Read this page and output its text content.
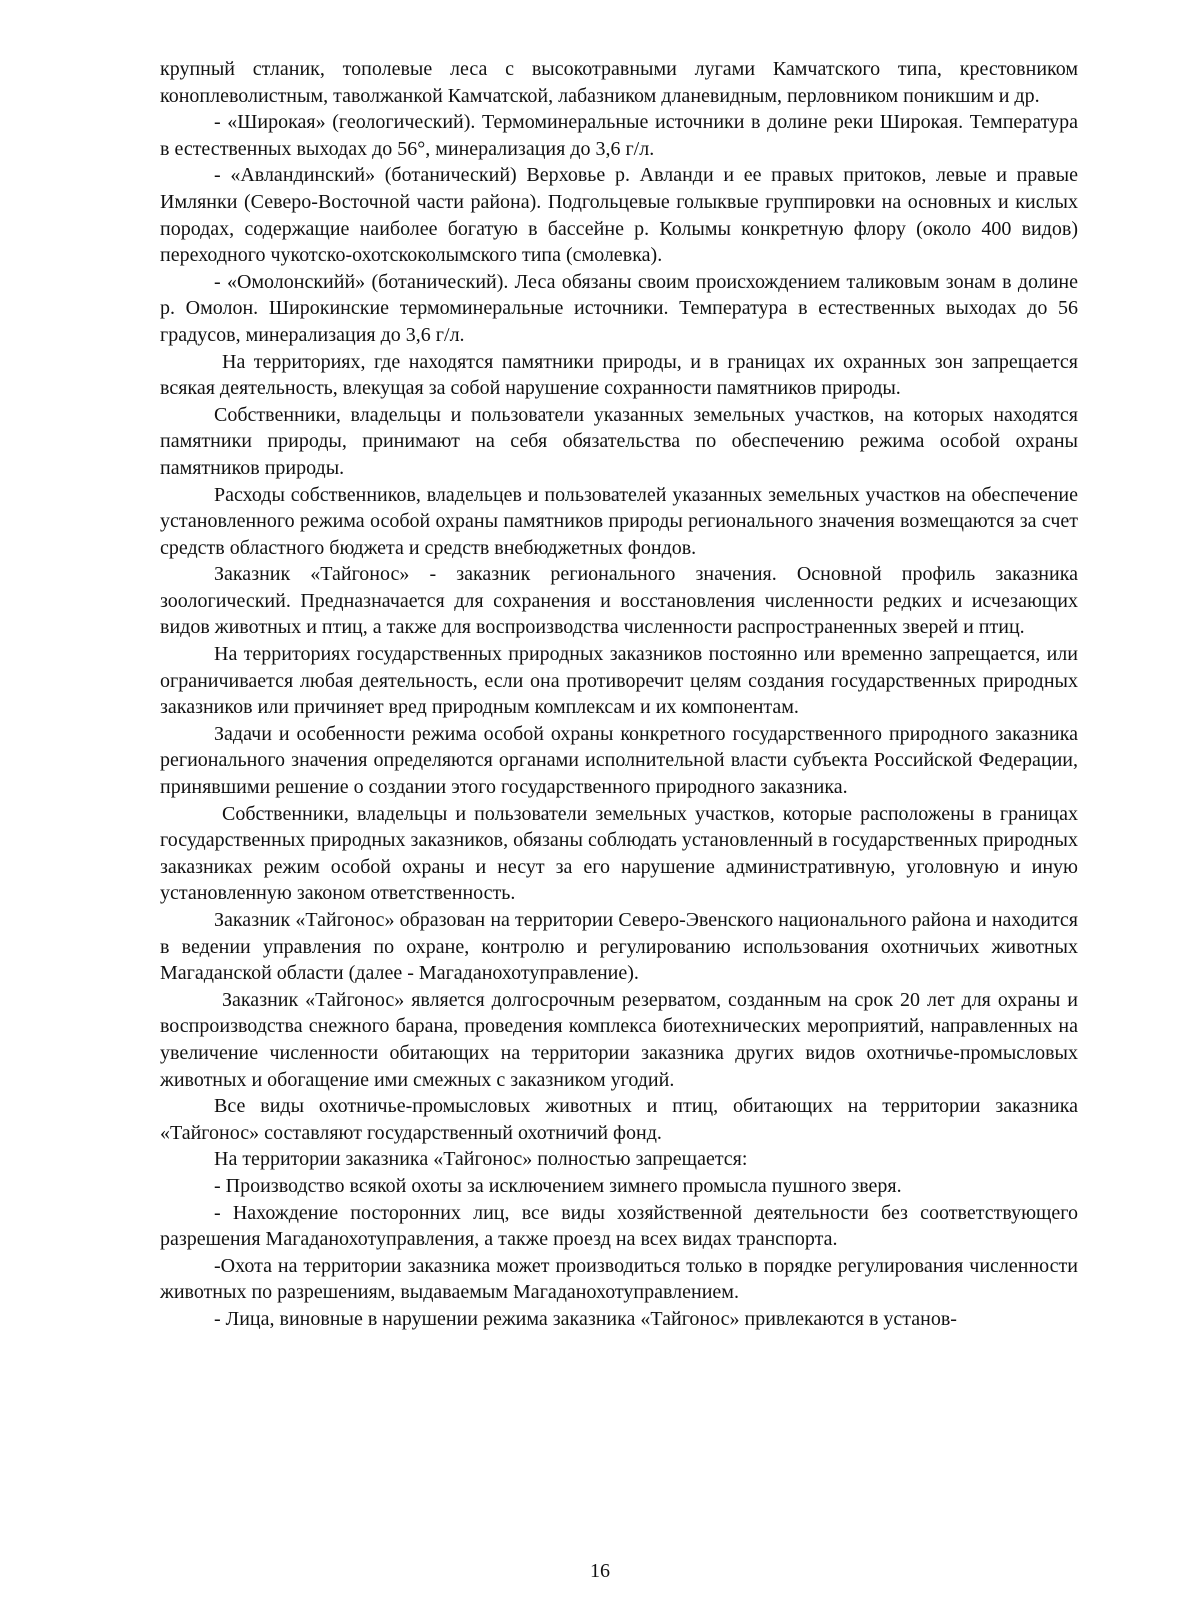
крупный стланик, тополевые леса с высокотравными лугами Камчатского типа, крестовником коноплеволистным, таволжанкой Камчатской, лабазником дланевидным, перловником поникшим и др.

- «Широкая» (геологический). Термоминеральные источники в долине реки Широкая. Температура в естественных выходах до 56°, минерализация до 3,6 г/л.

- «Авландинский» (ботанический) Верховье р. Авланди и ее правых притоков, левые и правые Имлянки (Северо-Восточной части района). Подгольцевые голыквые группировки на основных и кислых породах, содержащие наиболее богатую в бассейне р. Колымы конкретную флору (около 400 видов) переходного чукотско-охотскоколымского типа (смолевка).

- «Омолонскийй» (ботанический). Леса обязаны своим происхождением таликовым зонам в долине р. Омолон. Широкинские термоминеральные источники. Температура в естественных выходах до 56 градусов, минерализация до 3,6 г/л.

На территориях, где находятся памятники природы, и в границах их охранных зон запрещается всякая деятельность, влекущая за собой нарушение сохранности памятников природы.

Собственники, владельцы и пользователи указанных земельных участков, на которых находятся памятники природы, принимают на себя обязательства по обеспечению режима особой охраны памятников природы.

Расходы собственников, владельцев и пользователей указанных земельных участков на обеспечение установленного режима особой охраны памятников природы регионального значения возмещаются за счет средств областного бюджета и средств внебюджетных фондов.

Заказник «Тайгонос» - заказник регионального значения. Основной профиль заказника зоологический. Предназначается для сохранения и восстановления численности редких и исчезающих видов животных и птиц, а также для воспроизводства численности распространенных зверей и птиц.

На территориях государственных природных заказников постоянно или временно запрещается, или ограничивается любая деятельность, если она противоречит целям создания государственных природных заказников или причиняет вред природным комплексам и их компонентам.

Задачи и особенности режима особой охраны конкретного государственного природного заказника регионального значения определяются органами исполнительной власти субъекта Российской Федерации, принявшими решение о создании этого государственного природного заказника.

Собственники, владельцы и пользователи земельных участков, которые расположены в границах государственных природных заказников, обязаны соблюдать установленный в государственных природных заказниках режим особой охраны и несут за его нарушение административную, уголовную и иную установленную законом ответственность.

Заказник «Тайгонос» образован на территории Северо-Эвенского национального района и находится в ведении управления по охране, контролю и регулированию использования охотничьих животных Магаданской области (далее - Магаданохотуправление).

Заказник «Тайгонос» является долгосрочным резерватом, созданным на срок 20 лет для охраны и воспроизводства снежного барана, проведения комплекса биотехнических мероприятий, направленных на увеличение численности обитающих на территории заказника других видов охотничье-промысловых животных и обогащение ими смежных с заказником угодий.

Все виды охотничье-промысловых животных и птиц, обитающих на территории заказника «Тайгонос» составляют государственный охотничий фонд.

На территории заказника «Тайгонос» полностью запрещается:

- Производство всякой охоты за исключением зимнего промысла пушного зверя.

- Нахождение посторонних лиц, все виды хозяйственной деятельности без соответствующего разрешения Магаданохотуправления, а также проезд на всех видах транспорта.

-Охота на территории заказника может производиться только в порядке регулирования численности животных по разрешениям, выдаваемым Магаданохотуправлением.

- Лица, виновные в нарушении режима заказника «Тайгонос» привлекаются в установ-

16
